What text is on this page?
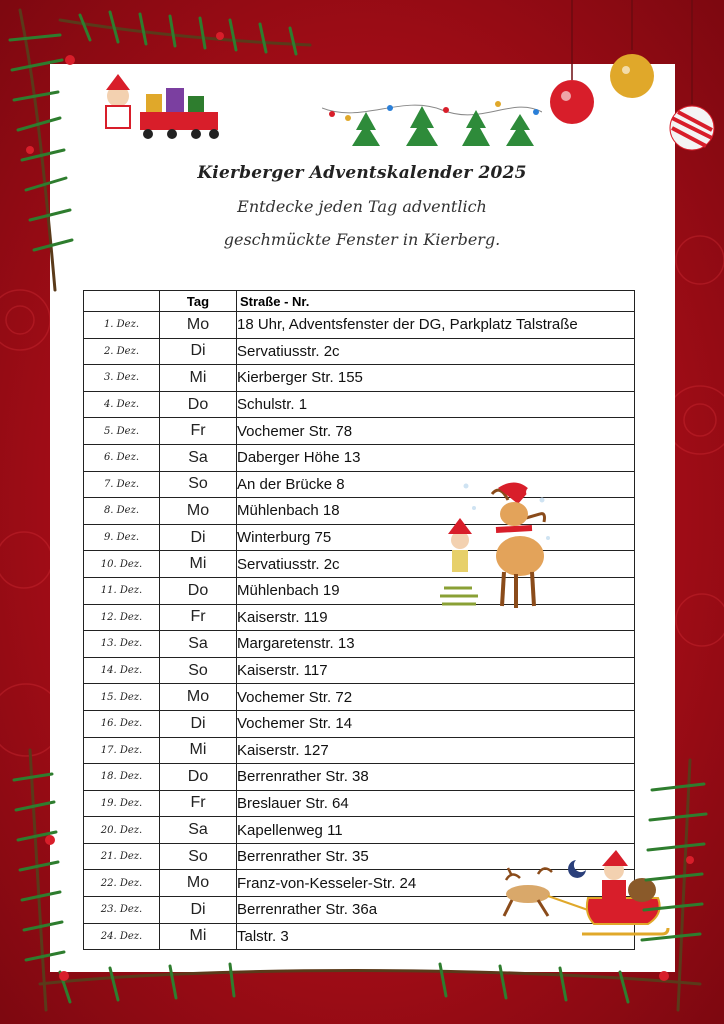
Kierberger Adventskalender 2025
Entdecke jeden Tag adventlich
geschmückte Fenster in Kierberg.
	Tag	Straße - Nr.
1. Dez.	Mo	18 Uhr, Adventsfenster der DG, Parkplatz Talstraße
2. Dez.	Di	Servatiusstr. 2c
3. Dez.	Mi	Kierberger Str. 155
4. Dez.	Do	Schulstr. 1
5. Dez.	Fr	Vochemer Str. 78
6. Dez.	Sa	Daberger Höhe 13
7. Dez.	So	An der Brücke 8
8. Dez.	Mo	Mühlenbach 18
9. Dez.	Di	Winterburg 75
10. Dez.	Mi	Servatiusstr. 2c
11. Dez.	Do	Mühlenbach 19
12. Dez.	Fr	Kaiserstr. 119
13. Dez.	Sa	Margaretenstr. 13
14. Dez.	So	Kaiserstr. 117
15. Dez.	Mo	Vochemer Str. 72
16. Dez.	Di	Vochemer Str. 14
17. Dez.	Mi	Kaiserstr. 127
18. Dez.	Do	Berrenrather Str. 38
19. Dez.	Fr	Breslauer Str. 64
20. Dez.	Sa	Kapellenweg 11
21. Dez.	So	Berrenrather Str. 35
22. Dez.	Mo	Franz-von-Kesseler-Str. 24
23. Dez.	Di	Berrenrather Str. 36a
24. Dez.	Mi	Talstr. 3
